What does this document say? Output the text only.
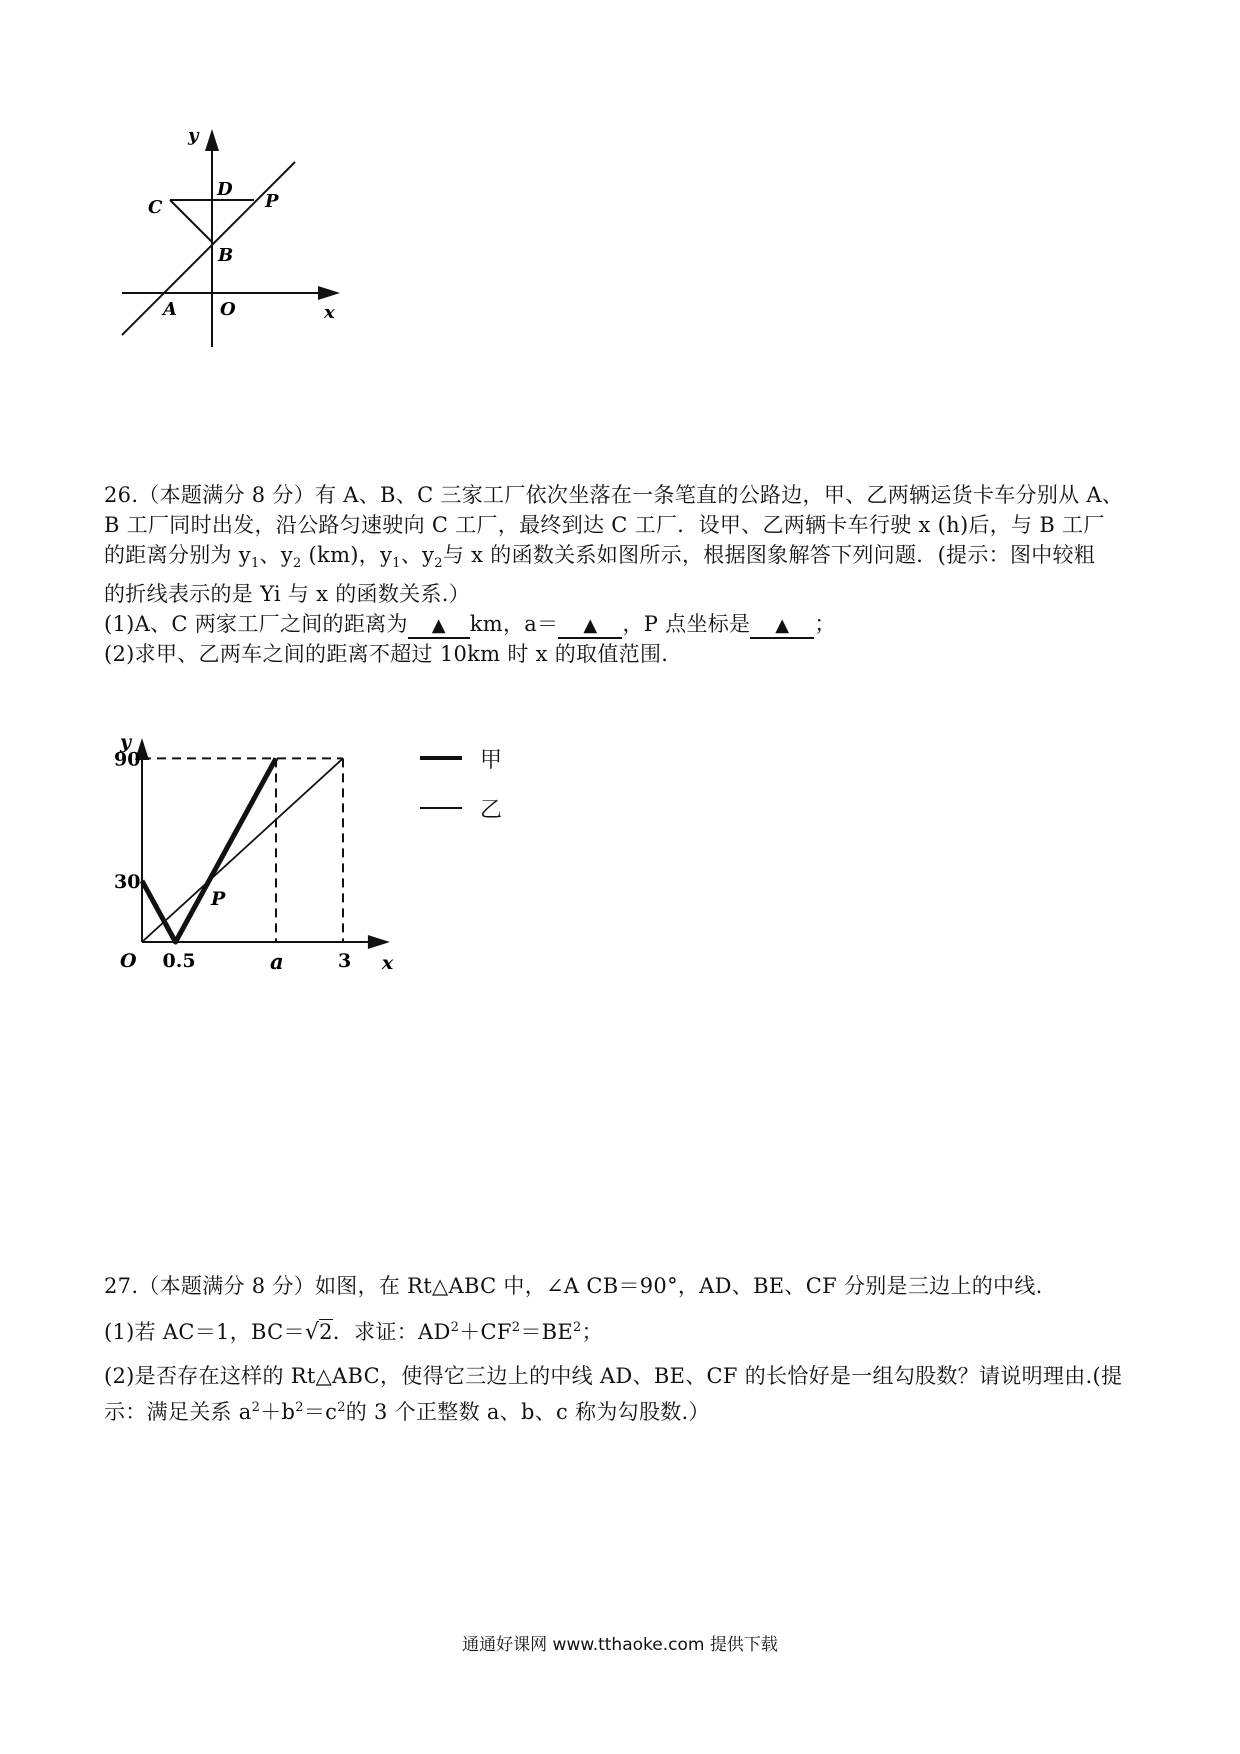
y
x
A O
B
C
D
P
26.（本题满分 8 分）有 A、B、C 三家工厂依次坐落在一条笔直的公路边，甲、乙两辆运货卡车分别从 A、
B 工厂同时出发，沿公路匀速驶向 C 工厂，最终到达 C 工厂．设甲、乙两辆卡车行驶 x (h)后，与 B 工厂
的距离分别为 $y_1$、$y_2$ (km)，$y_1$、$y_2$与 x 的函数关系如图所示，根据图象解答下列问题．(提示：图中较粗
的折线表示的是 Yi 与 x 的函数关系.）
(1)A、C 两家工厂之间的距离为 ▲ km，a＝ ▲ ，P 点坐标是 ▲ ；
(2)求甲、乙两车之间的距离不超过 10km 时 x 的取值范围.
O 0.5	a	3
30
90
x
y
P
甲
乙
27.（本题满分 8 分）如图，在 Rt△ABC 中，∠A CB＝90°，AD、BE、CF 分别是三边上的中线.
(1)若 AC＝1，BC＝√2．求证：$AD^2+CF^2=BE^2$；
(2)是否存在这样的 Rt△ABC，使得它三边上的中线 AD、BE、CF 的长恰好是一组勾股数？请说明理由.(提
示：满足关系 $a^2+b^2=c^2$的 3 个正整数 a、b、c 称为勾股数.）
通通好课网 www.tthaoke.com 提供下载
